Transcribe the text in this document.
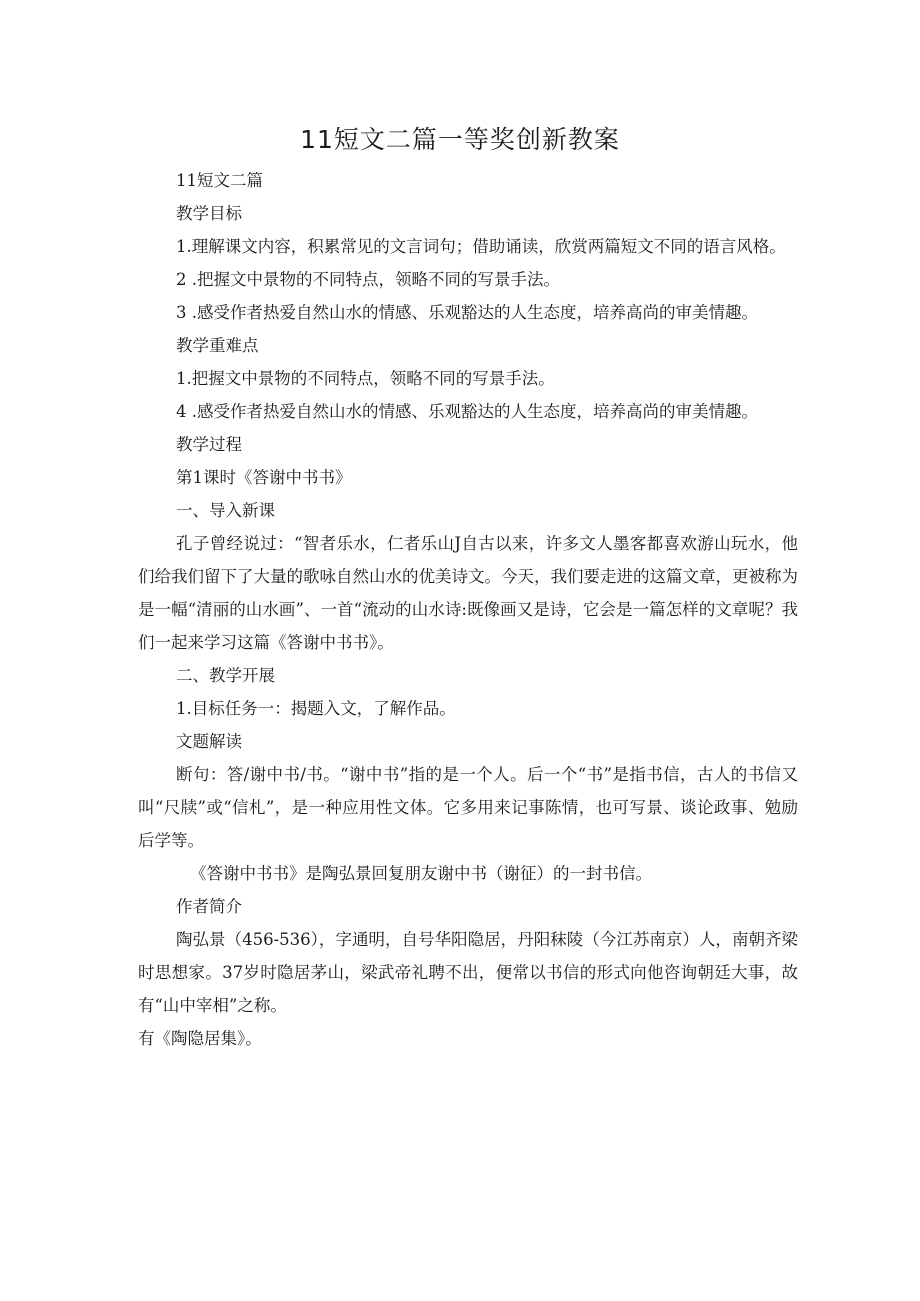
11短文二篇一等奖创新教案

11短文二篇

教学目标

1.理解课文内容，积累常见的文言词句；借助诵读，欣赏两篇短文不同的语言风格。

2 .把握文中景物的不同特点，领略不同的写景手法。

3 .感受作者热爱自然山水的情感、乐观豁达的人生态度，培养高尚的审美情趣。

教学重难点

1.把握文中景物的不同特点，领略不同的写景手法。

4 .感受作者热爱自然山水的情感、乐观豁达的人生态度，培养高尚的审美情趣。

教学过程

第1课时《答谢中书书》

一、导入新课

孔子曾经说过：“智者乐水，仁者乐山J自古以来，许多文人墨客都喜欢游山玩水，他们给我们留下了大量的歌咏自然山水的优美诗文。今天，我们要走进的这篇文章，更被称为是一幅“清丽的山水画”、一首“流动的山水诗:既像画又是诗，它会是一篇怎样的文章呢？我们一起来学习这篇《答谢中书书》。

二、教学开展

1.目标任务一：揭题入文，了解作品。

文题解读

断句：答/谢中书/书。“谢中书”指的是一个人。后一个“书”是指书信，古人的书信又叫“尺牍”或“信札”，是一种应用性文体。它多用来记事陈情，也可写景、谈论政事、勉励后学等。

《答谢中书书》是陶弘景回复朋友谢中书（谢征）的一封书信。

作者简介

陶弘景（456-536），字通明，自号华阳隐居，丹阳秣陵（今江苏南京）人，南朝齐梁时思想家。37岁时隐居茅山，梁武帝礼聘不出，便常以书信的形式向他咨询朝廷大事，故有“山中宰相”之称。

有《陶隐居集》。
